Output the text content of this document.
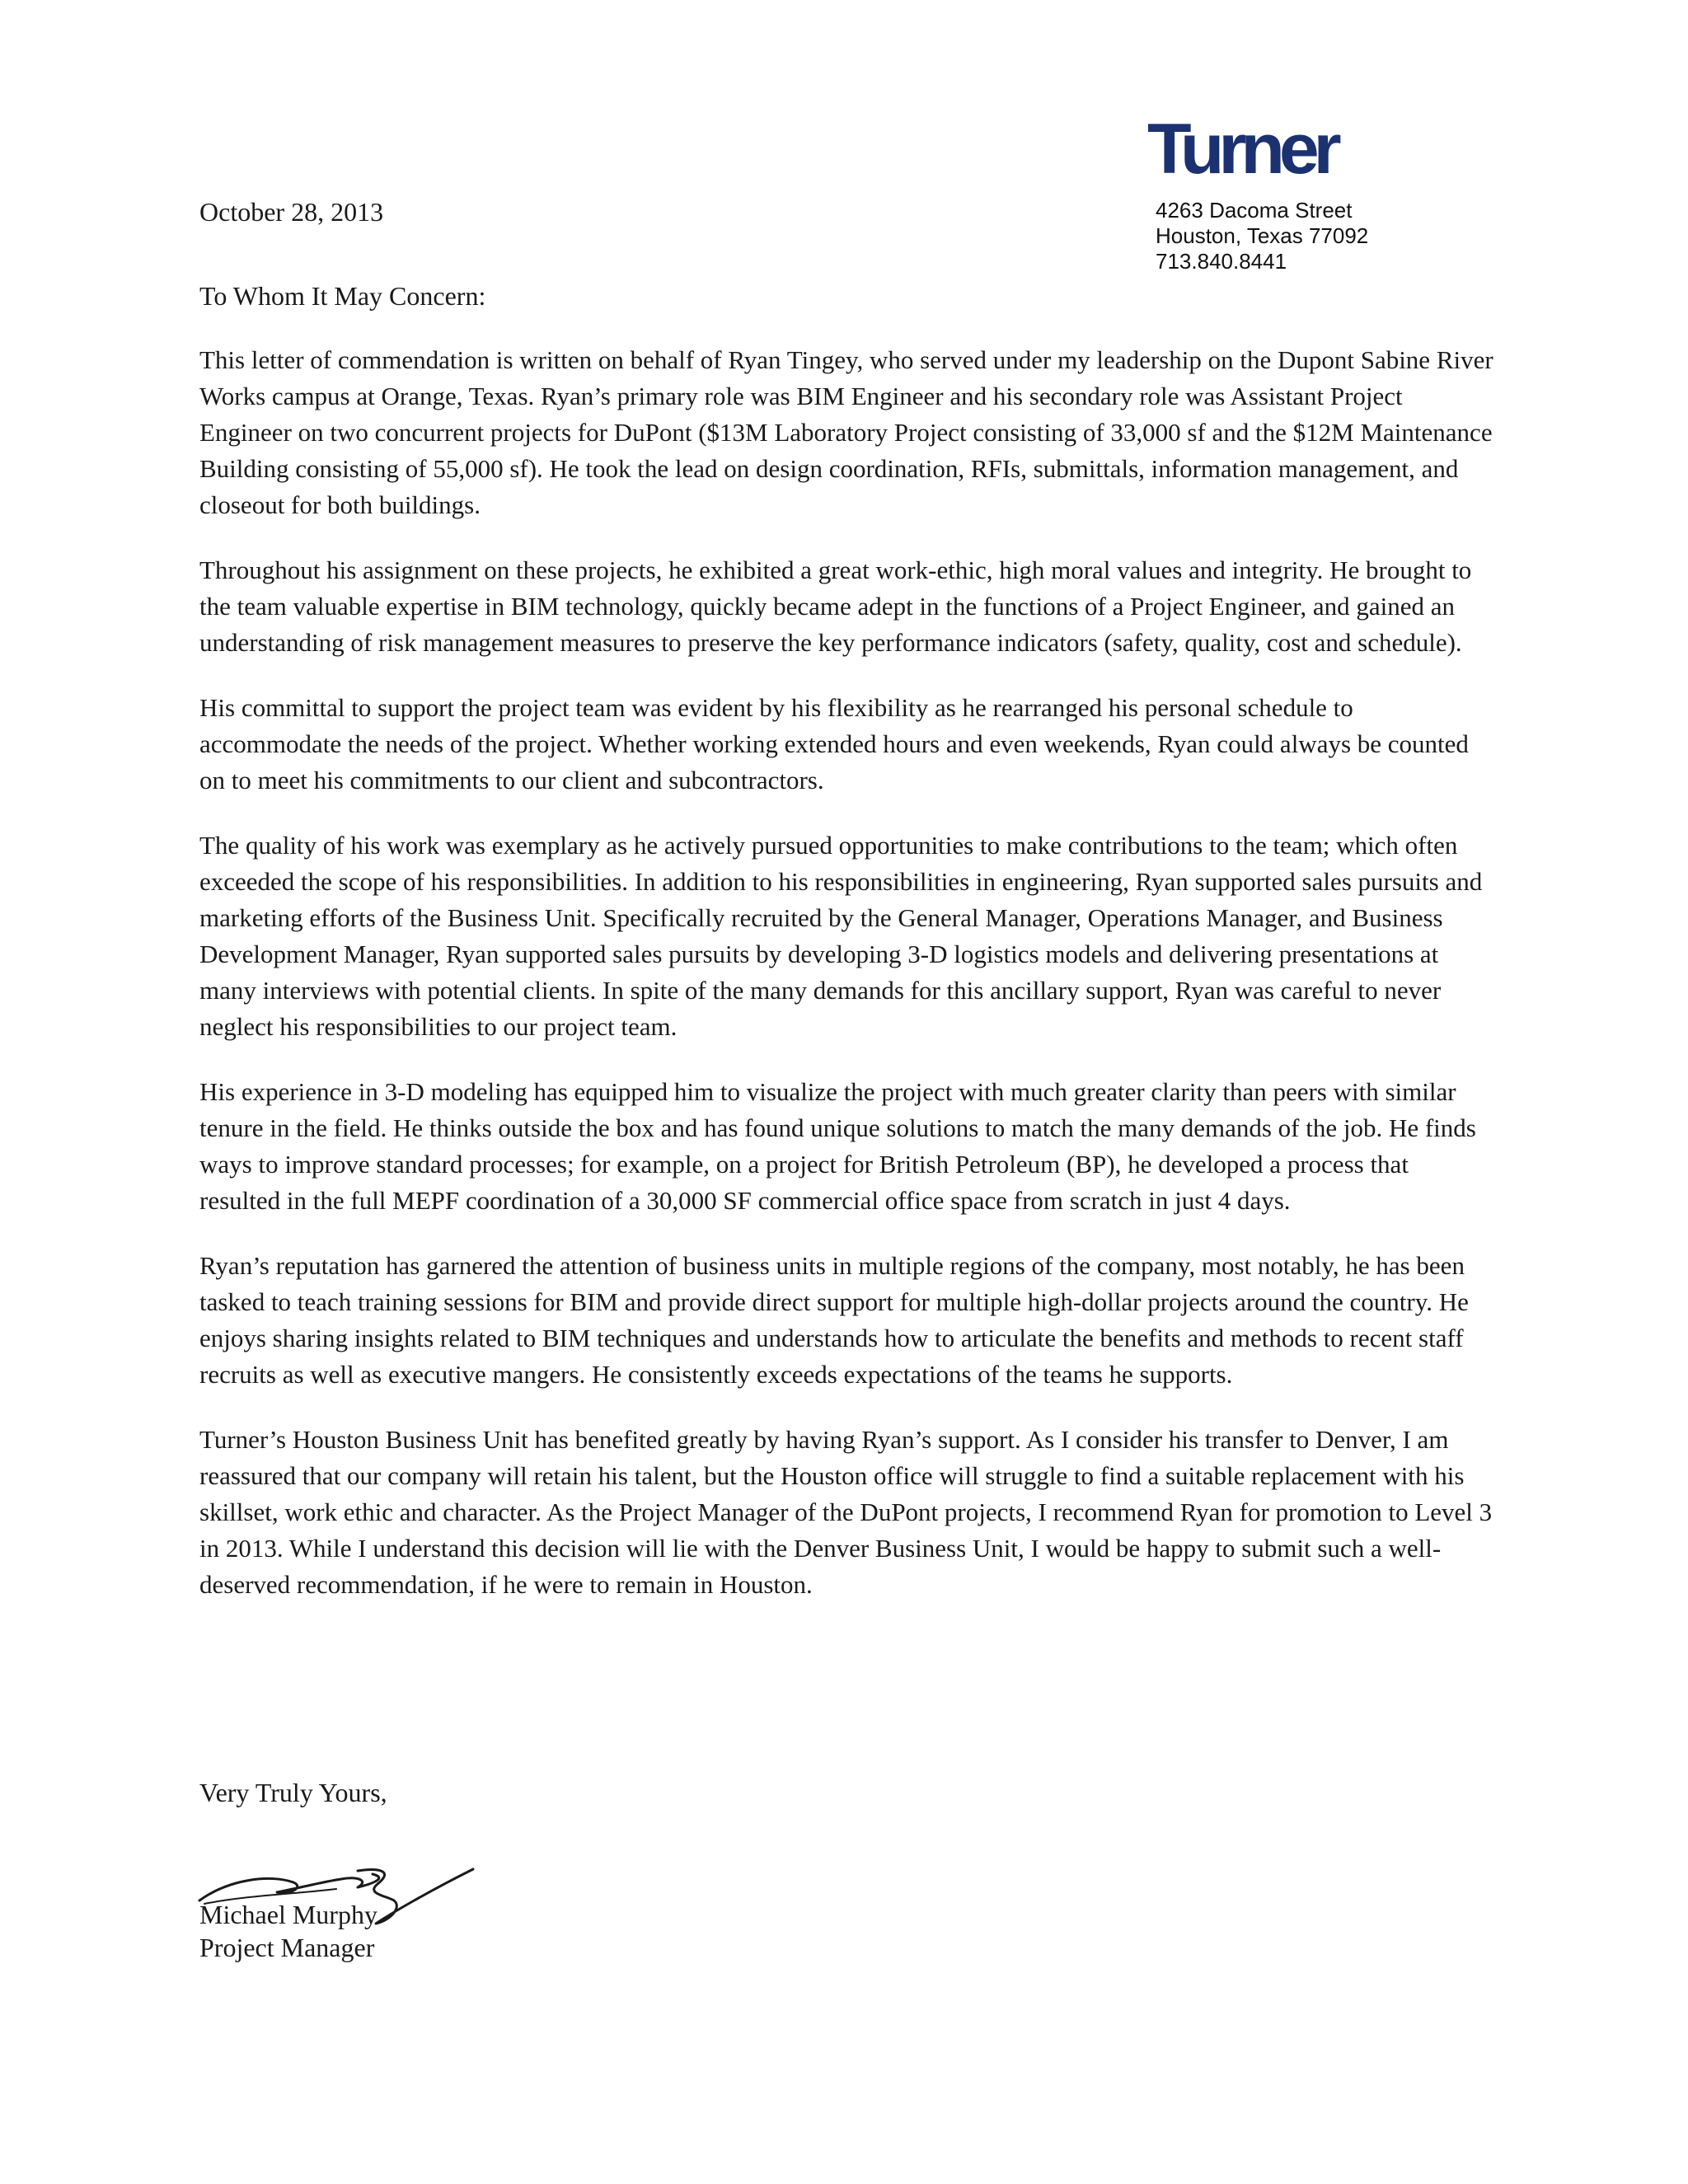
Turner
4263 Dacoma Street
Houston, Texas 77092
713.840.8441
October 28, 2013
To Whom It May Concern:

This letter of commendation is written on behalf of Ryan Tingey, who served under my leadership on the Dupont Sabine River Works campus at Orange, Texas. Ryan’s primary role was BIM Engineer and his secondary role was Assistant Project Engineer on two concurrent projects for DuPont ($13M Laboratory Project consisting of 33,000 sf and the $12M Maintenance Building consisting of 55,000 sf). He took the lead on design coordination, RFIs, submittals, information management, and closeout for both buildings.

Throughout his assignment on these projects, he exhibited a great work-ethic, high moral values and integrity. He brought to the team valuable expertise in BIM technology, quickly became adept in the functions of a Project Engineer, and gained an understanding of risk management measures to preserve the key performance indicators (safety, quality, cost and schedule).

His committal to support the project team was evident by his flexibility as he rearranged his personal schedule to accommodate the needs of the project. Whether working extended hours and even weekends, Ryan could always be counted on to meet his commitments to our client and subcontractors.

The quality of his work was exemplary as he actively pursued opportunities to make contributions to the team; which often exceeded the scope of his responsibilities. In addition to his responsibilities in engineering, Ryan supported sales pursuits and marketing efforts of the Business Unit. Specifically recruited by the General Manager, Operations Manager, and Business Development Manager, Ryan supported sales pursuits by developing 3-D logistics models and delivering presentations at many interviews with potential clients. In spite of the many demands for this ancillary support, Ryan was careful to never neglect his responsibilities to our project team.

His experience in 3-D modeling has equipped him to visualize the project with much greater clarity than peers with similar tenure in the field. He thinks outside the box and has found unique solutions to match the many demands of the job. He finds ways to improve standard processes; for example, on a project for British Petroleum (BP), he developed a process that resulted in the full MEPF coordination of a 30,000 SF commercial office space from scratch in just 4 days.

Ryan’s reputation has garnered the attention of business units in multiple regions of the company, most notably, he has been tasked to teach training sessions for BIM and provide direct support for multiple high-dollar projects around the country. He enjoys sharing insights related to BIM techniques and understands how to articulate the benefits and methods to recent staff recruits as well as executive mangers. He consistently exceeds expectations of the teams he supports.

Turner’s Houston Business Unit has benefited greatly by having Ryan’s support. As I consider his transfer to Denver, I am reassured that our company will retain his talent, but the Houston office will struggle to find a suitable replacement with his skillset, work ethic and character. As the Project Manager of the DuPont projects, I recommend Ryan for promotion to Level 3 in 2013. While I understand this decision will lie with the Denver Business Unit, I would be happy to submit such a well-deserved recommendation, if he were to remain in Houston.

Very Truly Yours,
Michael Murphy
Project Manager
